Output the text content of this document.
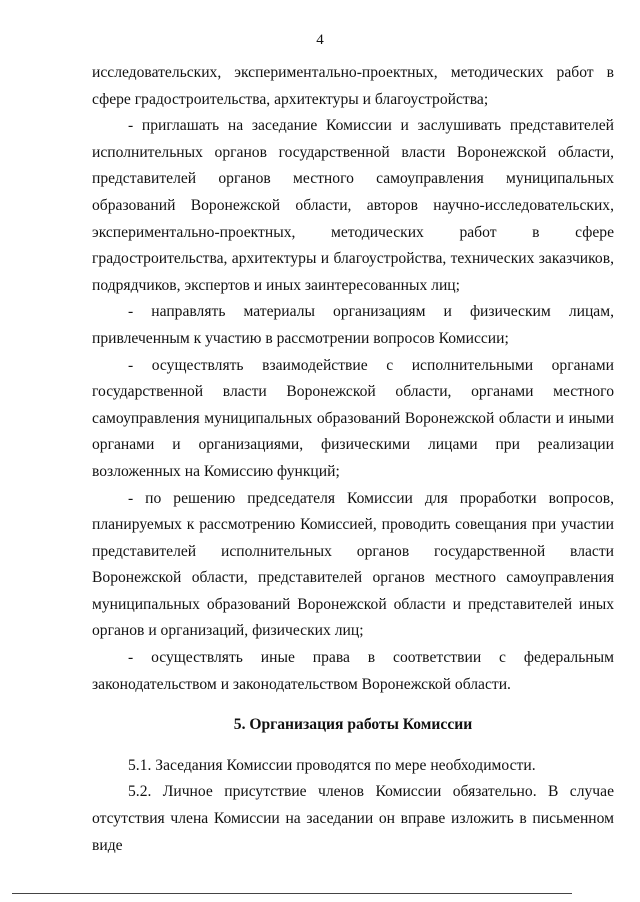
4

исследовательских, экспериментально-проектных, методических работ в сфере градостроительства, архитектуры и благоустройства;

- приглашать на заседание Комиссии и заслушивать представителей исполнительных органов государственной власти Воронежской области, представителей органов местного самоуправления муниципальных образований Воронежской области, авторов научно-исследовательских, экспериментально-проектных, методических работ в сфере градостроительства, архитектуры и благоустройства, технических заказчиков, подрядчиков, экспертов и иных заинтересованных лиц;

- направлять материалы организациям и физическим лицам, привлеченным к участию в рассмотрении вопросов Комиссии;

- осуществлять взаимодействие с исполнительными органами государственной власти Воронежской области, органами местного самоуправления муниципальных образований Воронежской области и иными органами и организациями, физическими лицами при реализации возложенных на Комиссию функций;

- по решению председателя Комиссии для проработки вопросов, планируемых к рассмотрению Комиссией, проводить совещания при участии представителей исполнительных органов государственной власти Воронежской области, представителей органов местного самоуправления муниципальных образований Воронежской области и представителей иных органов и организаций, физических лиц;

- осуществлять иные права в соответствии с федеральным законодательством и законодательством Воронежской области.

5. Организация работы Комиссии

5.1. Заседания Комиссии проводятся по мере необходимости.

5.2. Личное присутствие членов Комиссии обязательно. В случае отсутствия члена Комиссии на заседании он вправе изложить в письменном виде
